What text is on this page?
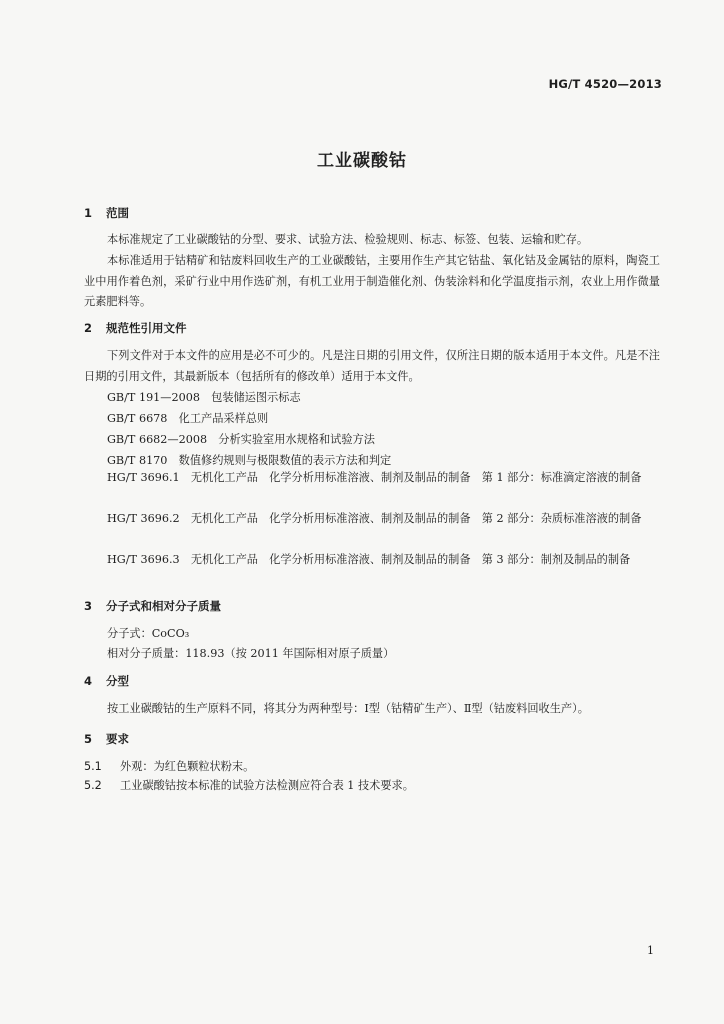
HG/T 4520—2013
工业碳酸钴
1 范围
本标准规定了工业碳酸钴的分型、要求、试验方法、检验规则、标志、标签、包装、运输和贮存。
本标准适用于钴精矿和钴废料回收生产的工业碳酸钴，主要用作生产其它钴盐、氧化钴及金属钴的原料，陶瓷工业中用作着色剂，采矿行业中用作选矿剂，有机工业用于制造催化剂、伪装涂料和化学温度指示剂，农业上用作微量元素肥料等。
2 规范性引用文件
下列文件对于本文件的应用是必不可少的。凡是注日期的引用文件，仅所注日期的版本适用于本文件。凡是不注日期的引用文件，其最新版本（包括所有的修改单）适用于本文件。
GB/T 191—2008　 包装储运图示标志
GB/T 6678　 化工产品采样总则
GB/T 6682—2008　 分析实验室用水规格和试验方法
GB/T 8170　 数值修约规则与极限数值的表示方法和判定
HG/T 3696.1　 无机化工产品　化学分析用标准溶液、制剂及制品的制备　第 1 部分：标准滴定溶液的制备
HG/T 3696.2　 无机化工产品　化学分析用标准溶液、制剂及制品的制备　第 2 部分：杂质标准溶液的制备
HG/T 3696.3　 无机化工产品　化学分析用标准溶液、制剂及制品的制备　第 3 部分：制剂及制品的制备
3 分子式和相对分子质量
分子式：CoCO₃
相对分子质量：118.93（按 2011 年国际相对原子质量）
4 分型
按工业碳酸钴的生产原料不同，将其分为两种型号：Ⅰ型（钴精矿生产）、Ⅱ型（钴废料回收生产）。
5 要求
5.1 外观：为红色颗粒状粉末。
5.2 工业碳酸钴按本标准的试验方法检测应符合表 1 技术要求。
1
